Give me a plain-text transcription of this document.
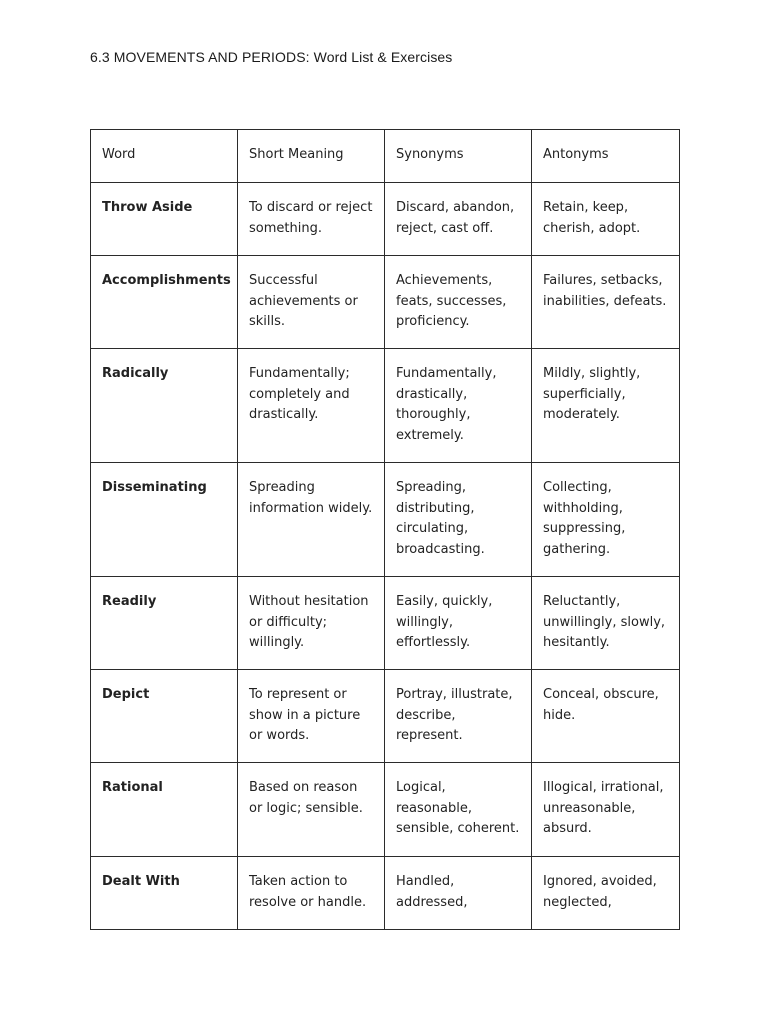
6.3 MOVEMENTS AND PERIODS: Word List & Exercises
Word	Short Meaning	Synonyms	Antonyms
Throw Aside	To discard or reject something.	Discard, abandon, reject, cast off.	Retain, keep, cherish, adopt.
Accomplishments	Successful achievements or skills.	Achievements, feats, successes, proficiency.	Failures, setbacks, inabilities, defeats.
Radically	Fundamentally; completely and drastically.	Fundamentally, drastically, thoroughly, extremely.	Mildly, slightly, superficially, moderately.
Disseminating	Spreading information widely.	Spreading, distributing, circulating, broadcasting.	Collecting, withholding, suppressing, gathering.
Readily	Without hesitation or difficulty; willingly.	Easily, quickly, willingly, effortlessly.	Reluctantly, unwillingly, slowly, hesitantly.
Depict	To represent or show in a picture or words.	Portray, illustrate, describe, represent.	Conceal, obscure, hide.
Rational	Based on reason or logic; sensible.	Logical, reasonable, sensible, coherent.	Illogical, irrational, unreasonable, absurd.
Dealt With	Taken action to resolve or handle.	Handled, addressed,	Ignored, avoided, neglected,
